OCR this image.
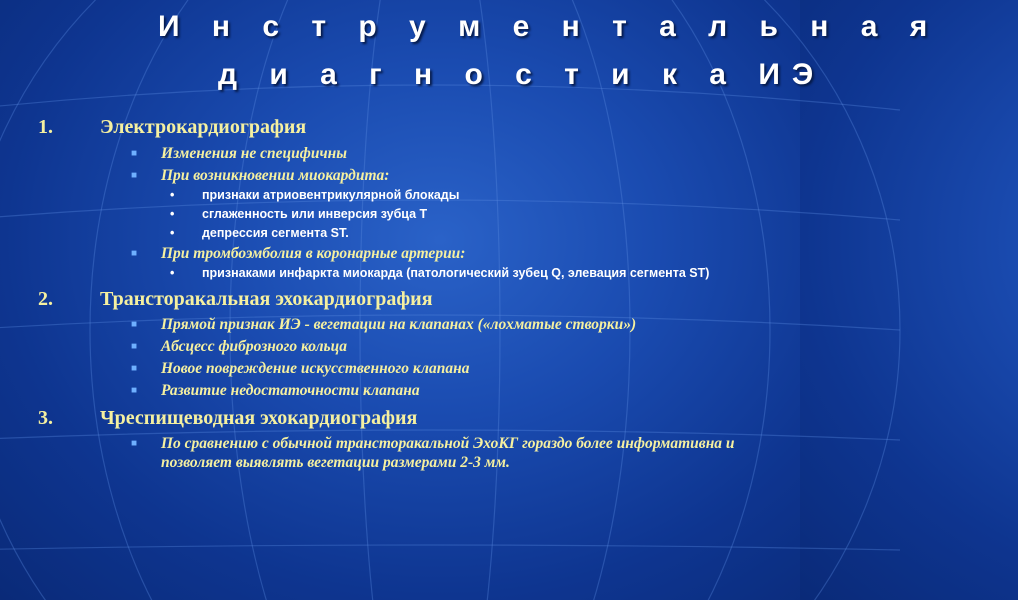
И н с т р у м е н т а л ь н а я
д и а г н о с т и к а ИЭ
1.	Электрокардиография
■	Изменения не специфичны
■	При возникновении миокардита:
•	признаки атриовентрикулярной блокады
•	сглаженность или инверсия зубца Т
•	депрессия сегмента ST.
■	При тромбоэмболия в коронарные артерии:
•	признаками инфаркта миокарда (патологический зубец Q, элевация сегмента ST)
2.	Трансторакальная эхокардиография
■	Прямой признак ИЭ - вегетации на клапанах («лохматые створки»)
■	Абсцесс фиброзного кольца
■	Новое повреждение искусственного клапана
■	Развитие недостаточности клапана
3.	Чреспищеводная эхокардиография
■	По сравнению с обычной трансторакальной ЭхоКГ гораздо более информативна и позволяет выявлять вегетации размерами 2-3 мм.
